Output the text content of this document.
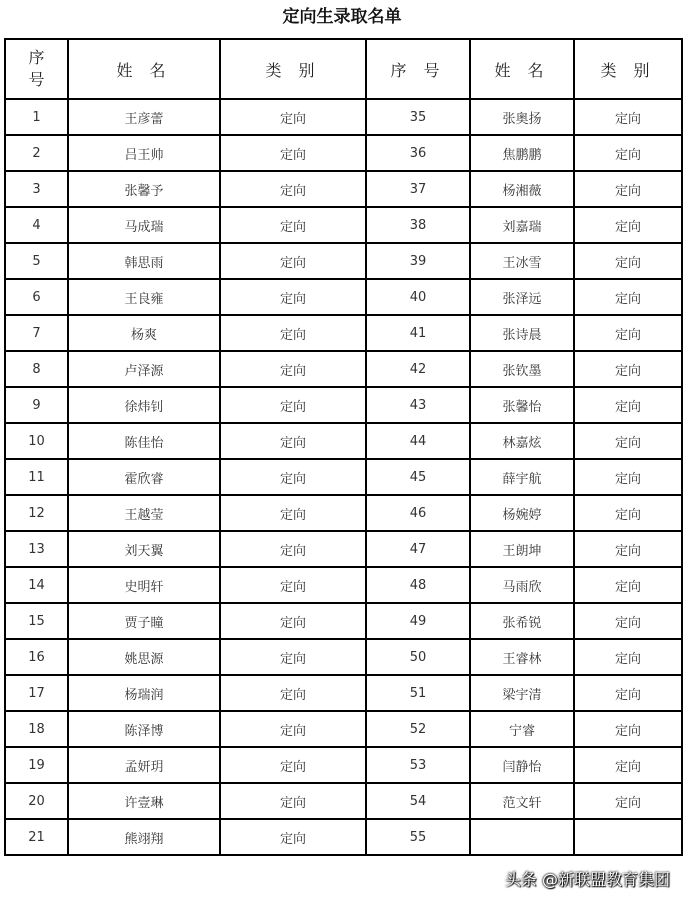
定向生录取名单
序
号	姓 名	类 别	序 号	姓 名	类 别
1	王彦蕾	定向	35	张奥扬	定向
2	吕王帅	定向	36	焦鹏鹏	定向
3	张馨予	定向	37	杨湘薇	定向
4	马成瑞	定向	38	刘嘉瑞	定向
5	韩思雨	定向	39	王冰雪	定向
6	王良雍	定向	40	张泽远	定向
7	杨爽	定向	41	张诗晨	定向
8	卢泽源	定向	42	张钦墨	定向
9	徐炜钊	定向	43	张馨怡	定向
10	陈佳怡	定向	44	林嘉炫	定向
11	霍欣睿	定向	45	薛宇航	定向
12	王越莹	定向	46	杨婉婷	定向
13	刘天翼	定向	47	王朗坤	定向
14	史明轩	定向	48	马雨欣	定向
15	贾子瞳	定向	49	张希锐	定向
16	姚思源	定向	50	王睿林	定向
17	杨瑞润	定向	51	梁宇清	定向
18	陈泽博	定向	52	宁睿	定向
19	孟妍玥	定向	53	闫静怡	定向
20	许壹琳	定向	54	范文轩	定向
21	熊翊翔	定向	55		
头条 @新联盟教育集团
